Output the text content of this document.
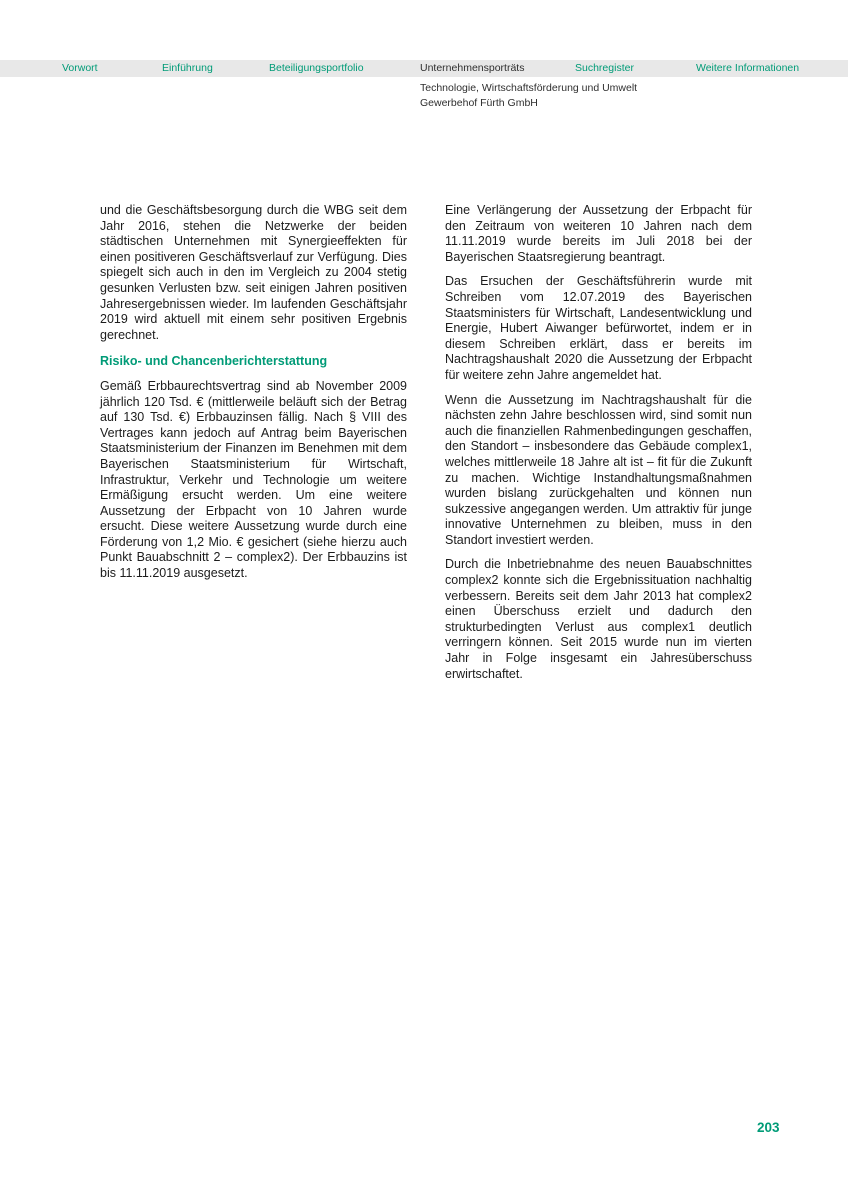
Vorwort	Einführung	Beteiligungsportfolio	Unternehmensporträts	Suchregister	Weitere Informationen
Technologie, Wirtschaftsförderung und Umwelt
Gewerbehof Fürth GmbH

und die Geschäftsbesorgung durch die WBG seit dem Jahr 2016, stehen die Netzwerke der beiden städtischen Unternehmen mit Synergieeffekten für einen positiveren Geschäftsverlauf zur Verfügung. Dies spiegelt sich auch in den im Vergleich zu 2004 stetig gesunken Verlusten bzw. seit einigen Jahren positiven Jahresergebnissen wieder. Im laufenden Geschäftsjahr 2019 wird aktuell mit einem sehr positiven Ergebnis gerechnet.

Risiko- und Chancenberichterstattung

Gemäß Erbbaurechtsvertrag sind ab November 2009 jährlich 120 Tsd. € (mittlerweile beläuft sich der Betrag auf 130 Tsd. €) Erbbauzinsen fällig. Nach § VIII des Vertrages kann jedoch auf Antrag beim Bayerischen Staatsministerium der Finanzen im Benehmen mit dem Bayerischen Staatsministerium für Wirtschaft, Infrastruktur, Verkehr und Technologie um weitere Ermäßigung ersucht werden. Um eine weitere Aussetzung der Erbpacht von 10 Jahren wurde ersucht. Diese weitere Aussetzung wurde durch eine Förderung von 1,2 Mio. € gesichert (siehe hierzu auch Punkt Bauabschnitt 2 – complex2). Der Erbbauzins ist bis 11.11.2019 ausgesetzt.

Eine Verlängerung der Aussetzung der Erbpacht für den Zeitraum von weiteren 10 Jahren nach dem 11.11.2019 wurde bereits im Juli 2018 bei der Bayerischen Staatsregierung beantragt.

Das Ersuchen der Geschäftsführerin wurde mit Schreiben vom 12.07.2019 des Bayerischen Staatsministers für Wirtschaft, Landesentwicklung und Energie, Hubert Aiwanger befürwortet, indem er in diesem Schreiben erklärt, dass er bereits im Nachtragshaushalt 2020 die Aussetzung der Erbpacht für weitere zehn Jahre angemeldet hat.

Wenn die Aussetzung im Nachtragshaushalt für die nächsten zehn Jahre beschlossen wird, sind somit nun auch die finanziellen Rahmenbedingungen geschaffen, den Standort – insbesondere das Gebäude complex1, welches mittlerweile 18 Jahre alt ist – fit für die Zukunft zu machen. Wichtige Instandhaltungsmaßnahmen wurden bislang zurückgehalten und können nun sukzessive angegangen werden. Um attraktiv für junge innovative Unternehmen zu bleiben, muss in den Standort investiert werden.

Durch die Inbetriebnahme des neuen Bauabschnittes complex2 konnte sich die Ergebnissituation nachhaltig verbessern. Bereits seit dem Jahr 2013 hat complex2 einen Überschuss erzielt und dadurch den strukturbedingten Verlust aus complex1 deutlich verringern können. Seit 2015 wurde nun im vierten Jahr in Folge insgesamt ein Jahresüberschuss erwirtschaftet.

203
